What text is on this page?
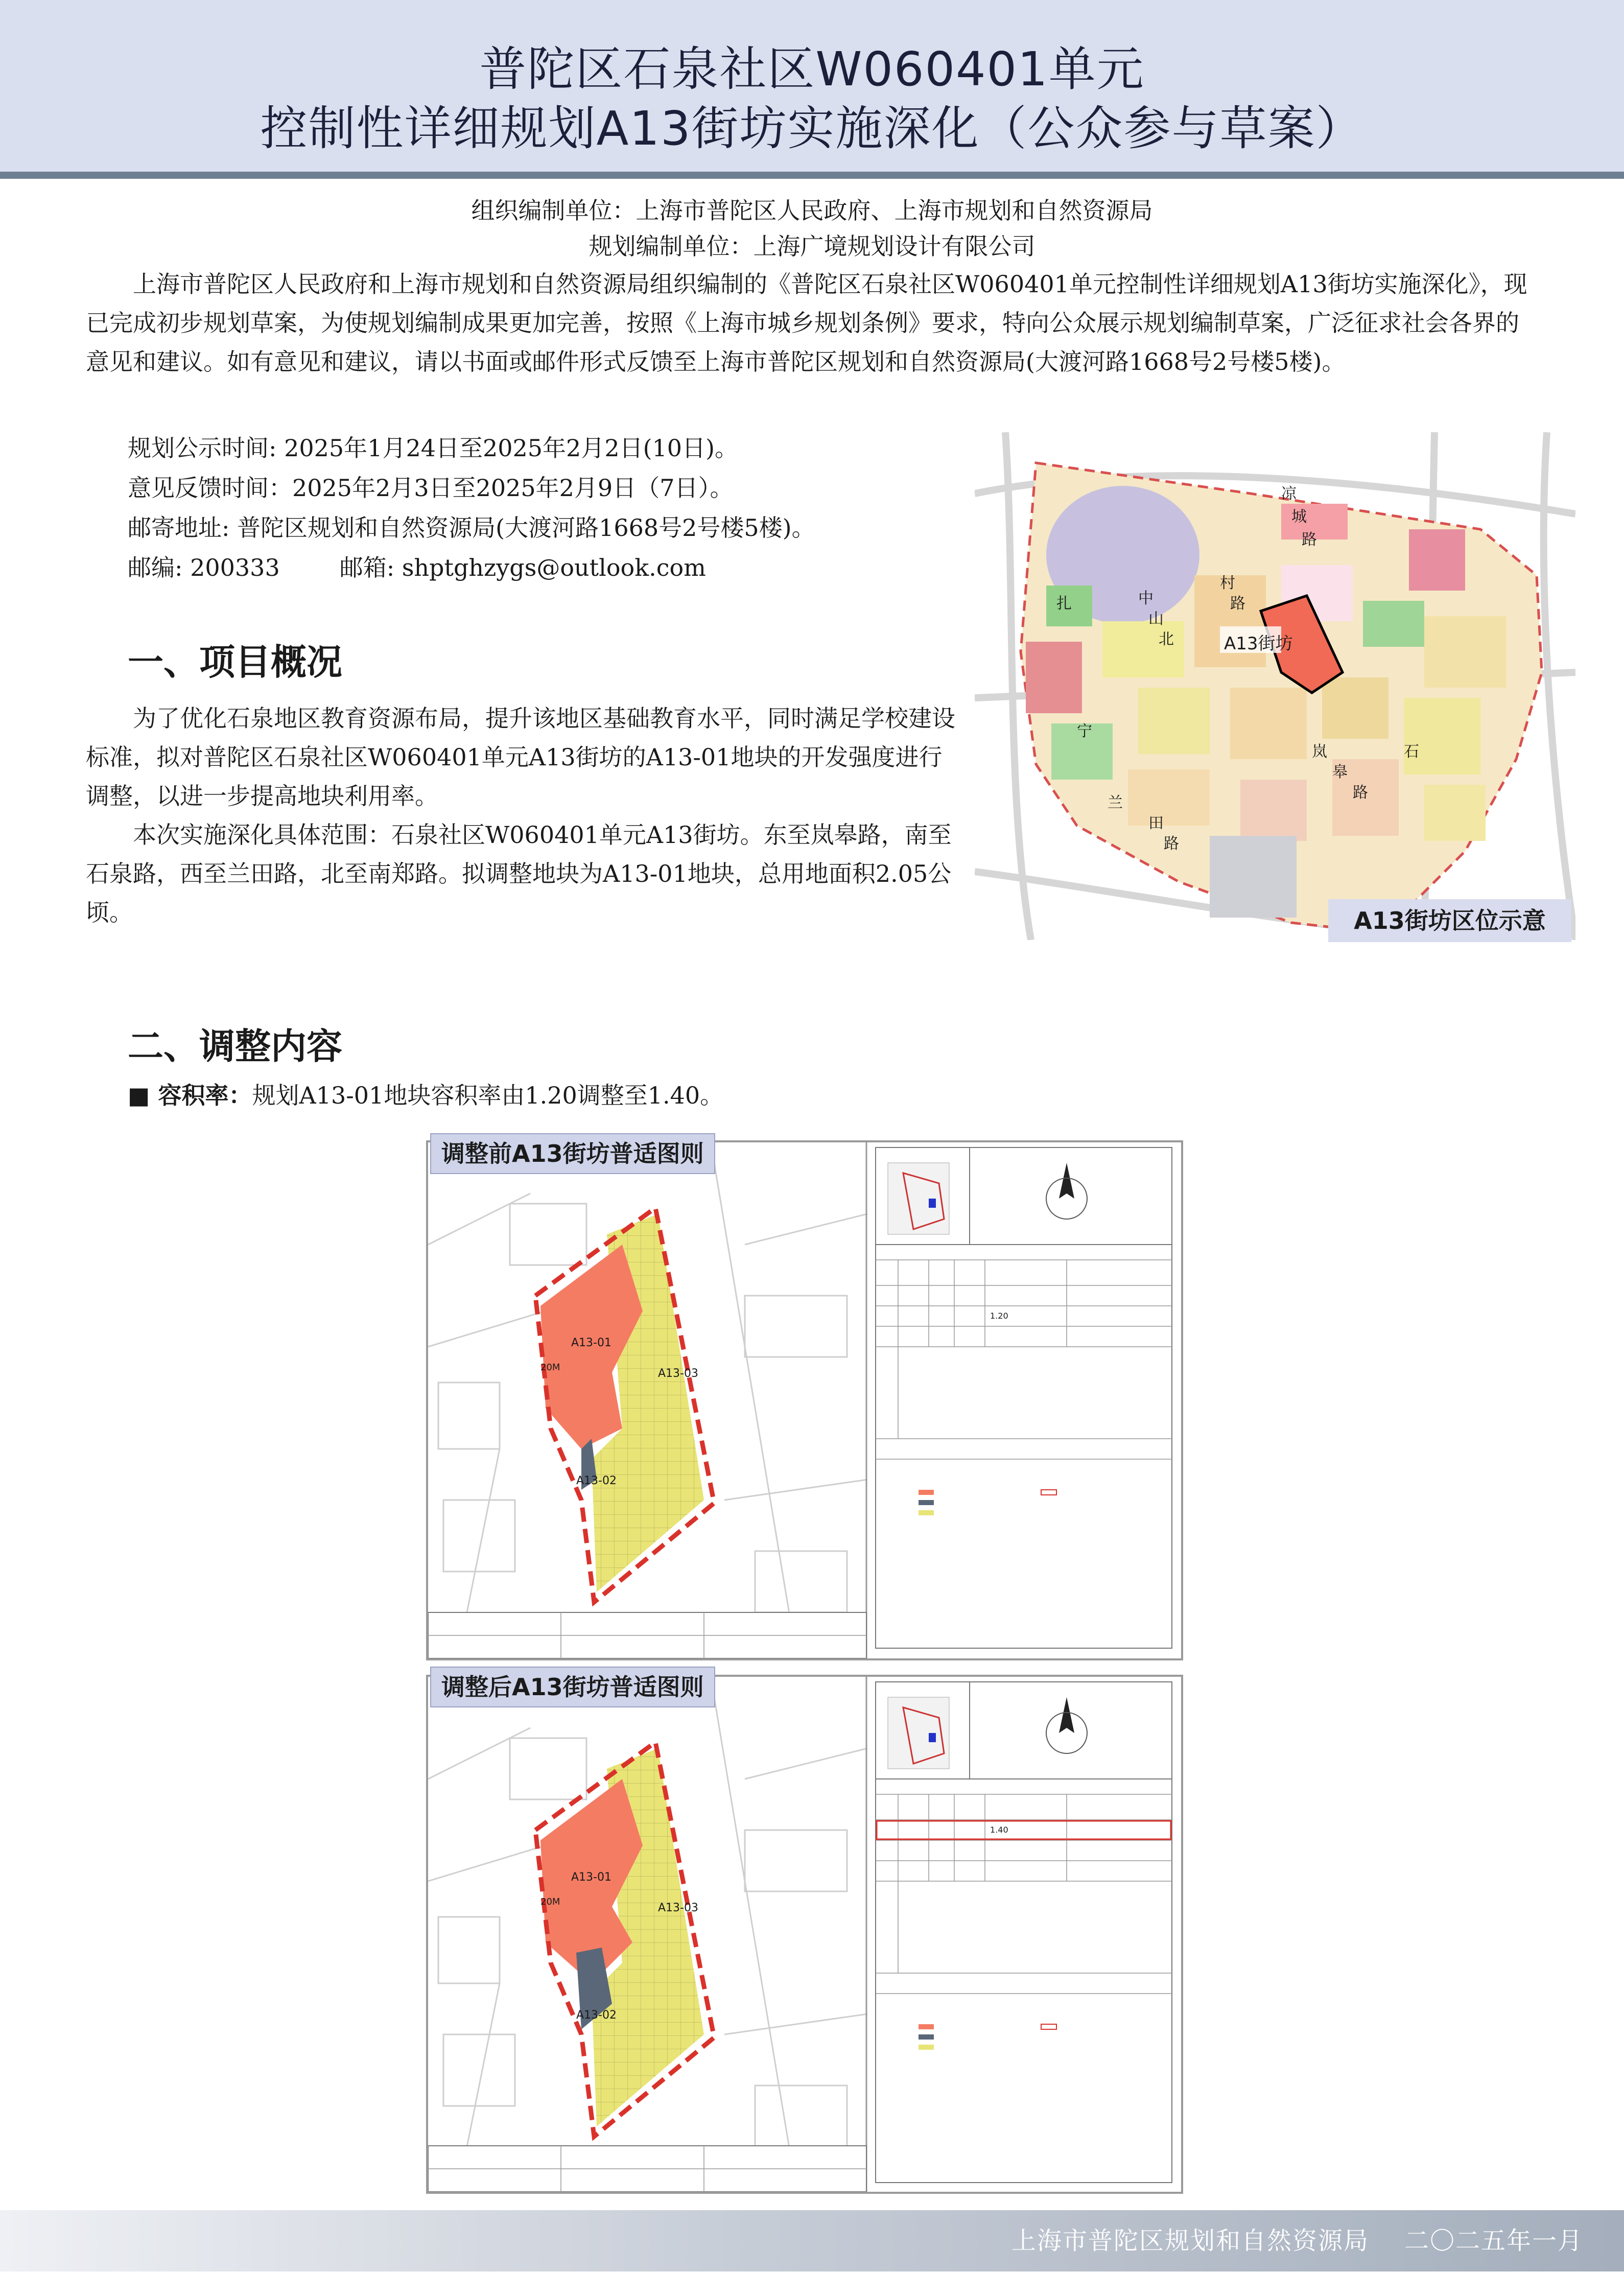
普陀区石泉社区W060401单元
控制性详细规划A13街坊实施深化（公众参与草案）
组织编制单位：上海市普陀区人民政府、上海市规划和自然资源局
规划编制单位：上海广境规划设计有限公司

上海市普陀区人民政府和上海市规划和自然资源局组织编制的《普陀区石泉社区W060401单元控制性详细规划A13街坊实施深化》，现已完成初步规划草案，为使规划编制成果更加完善，按照《上海市城乡规划条例》要求，特向公众展示规划编制草案，广泛征求社会各界的意见和建议。如有意见和建议，请以书面或邮件形式反馈至上海市普陀区规划和自然资源局(大渡河路1668号2号楼5楼)。

规划公示时间: 2025年1月24日至2025年2月2日(10日)。
意见反馈时间：2025年2月3日至2025年2月9日（7日）。
邮寄地址: 普陀区规划和自然资源局(大渡河路1668号2号楼5楼)。
邮编: 200333        邮箱: shptghzygs@outlook.com
一、项目概况

为了优化石泉地区教育资源布局，提升该地区基础教育水平，同时满足学校建设标准，拟对普陀区石泉社区W060401单元A13街坊的A13-01地块的开发强度进行调整，以进一步提高地块利用率。

本次实施深化具体范围：石泉社区W060401单元A13街坊。东至岚皋路，南至石泉路，西至兰田路，北至南郑路。拟调整地块为A13-01地块，总用地面积2.05公顷。

A13街坊
凉
城
路
中
山
北
扎
村
路
宁
兰
田
路
岚
皋
路
石
A13街坊区位示意
二、调整内容
■ 容积率：规划A13-01地块容积率由1.20调整至1.40。
A13-01
A13-02
A13-03
20M
1.20
调整前A13街坊普适图则
A13-01
A13-02
A13-03
20M
1.40
调整后A13街坊普适图则
上海市普陀区规划和自然资源局 二〇二五年一月
